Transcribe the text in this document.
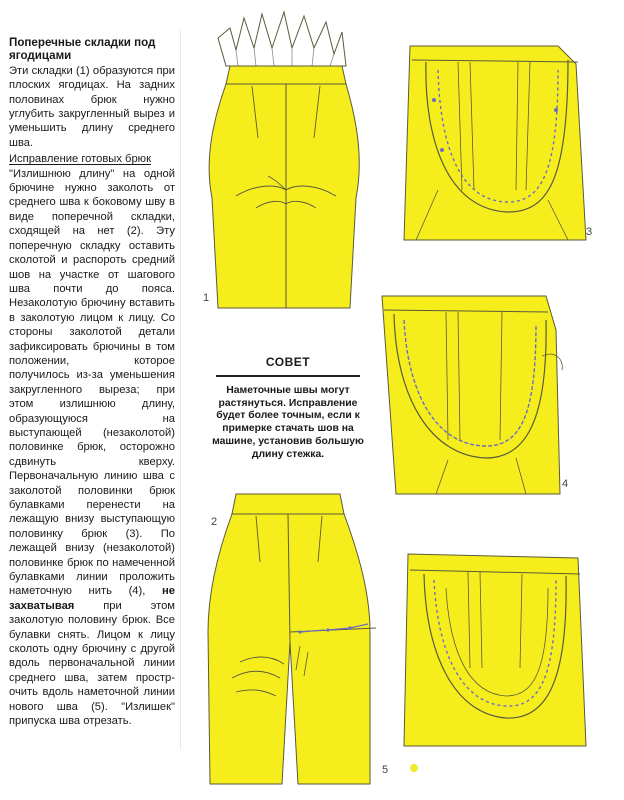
Поперечные складки под ягодицами

Эти складки (1) образуются при плоских ягодицах. На задних половинах брюк нужно углубить закругленный вырез и уменьшить длину среднего шва.

Исправление готовых брюк

"Излишнюю длину" на одной брючине нужно заколоть от среднего шва к боковому шву в виде поперечной складки, сходящей на нет (2). Эту поперечную складку оставить сколотой и распороть средний шов на участке от шагового шва почти до пояса. Незаколотую брючину вставить в заколотую лицом к лицу. Со стороны заколотой детали зафиксировать брючины в том положении, которое получилось из-за уменьшения закругленного выреза; при этом излишнюю длину, образующуюся на выступающей (незаколотой) половинке брюк, осторожно сдвинуть кверху. Первоначальную линию шва с заколотой половинки брюк булавками перенести на лежащую внизу выступающую половинку брюк (3). По лежащей внизу (незаколотой) половинке брюк по намеченной булавками линии проложить наметочную нить (4), не захватывая	при этом заколотую половину брюк. Все булавки снять. Лицом к лицу сколоть одну брючину с другой вдоль первоначальной линии среднего шва, затем прострочить вдоль наметочной линии нового шва (5). "Излишек" припуска шва отрезать.

1
2
3
4
5
СОВЕТ
Наметочные швы могут растянуться. Исправление будет более точным, если к примерке стачать шов на машине, установив большую длину стежка.
postila.ru
